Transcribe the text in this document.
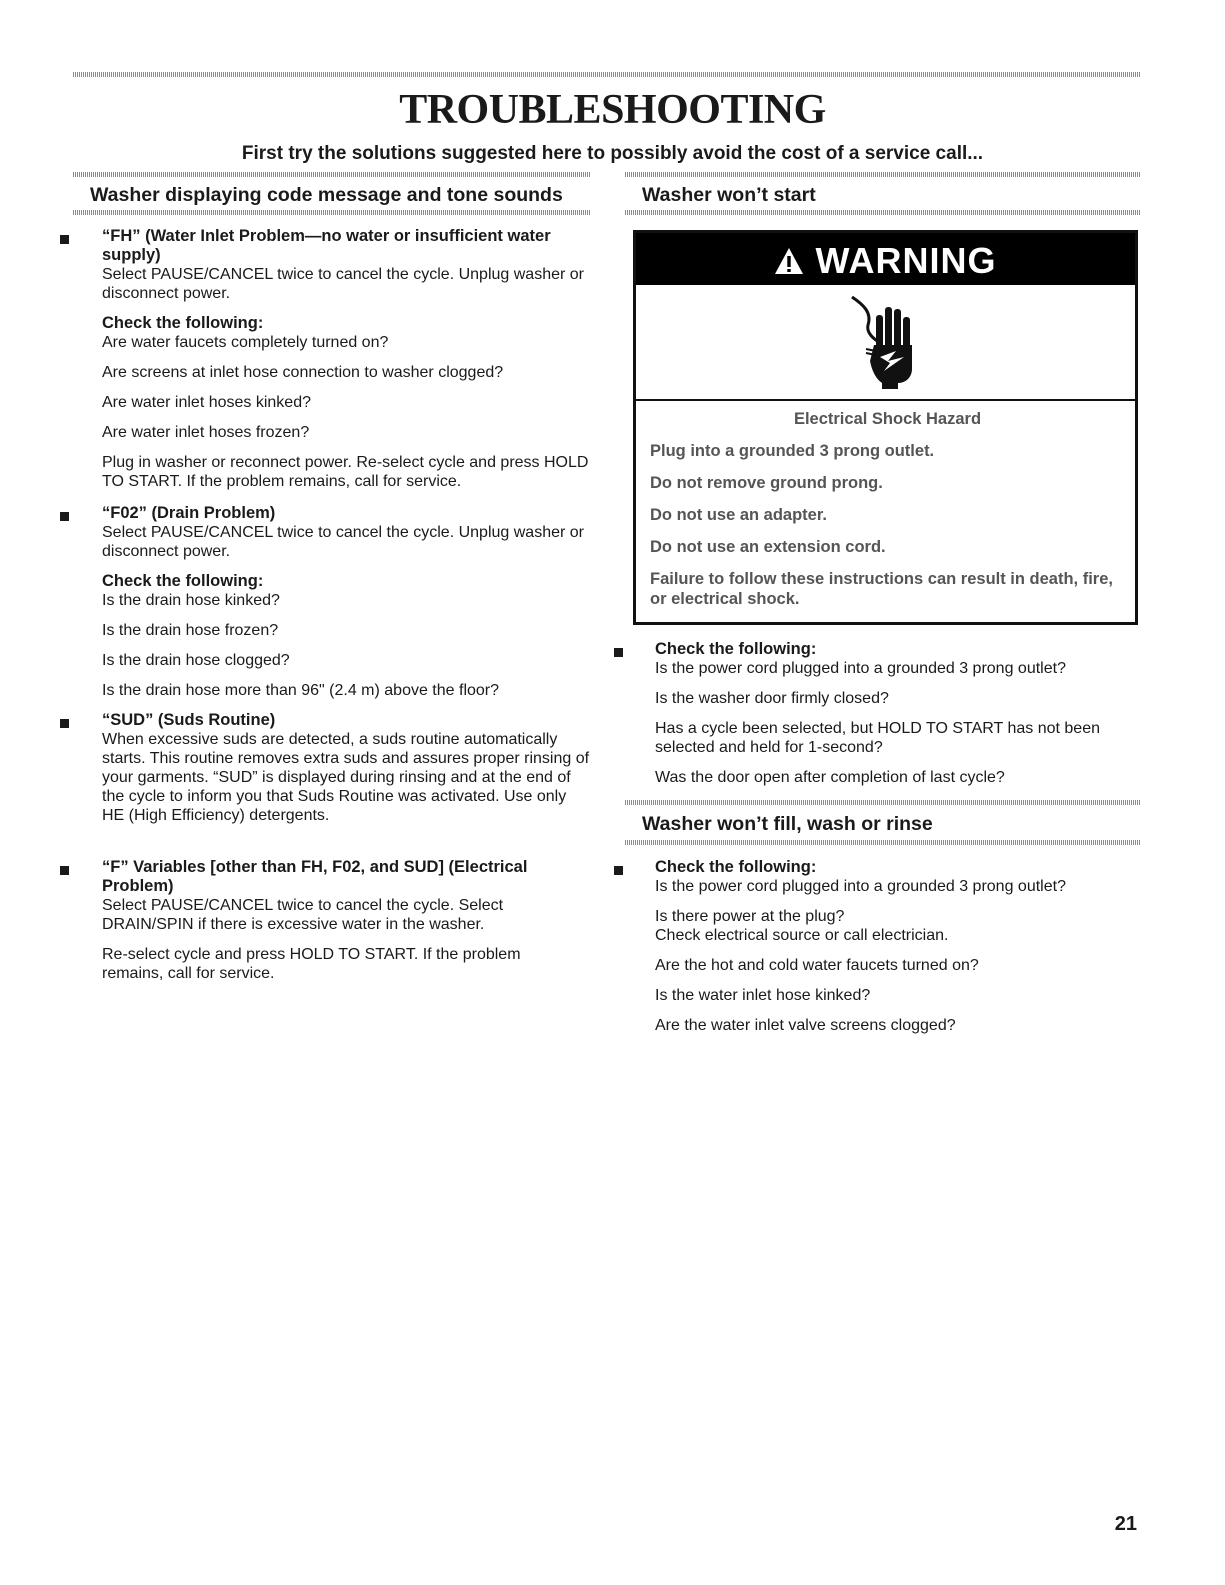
TROUBLESHOOTING
First try the solutions suggested here to possibly avoid the cost of a service call...
Washer displaying code message and tone sounds

“FH” (Water Inlet Problem—no water or insufficient water supply)

Select PAUSE/CANCEL twice to cancel the cycle. Unplug washer or disconnect power.

Check the following:

Are water faucets completely turned on?

Are screens at inlet hose connection to washer clogged?

Are water inlet hoses kinked?

Are water inlet hoses frozen?

Plug in washer or reconnect power. Re-select cycle and press HOLD TO START. If the problem remains, call for service.

“F02” (Drain Problem)

Select PAUSE/CANCEL twice to cancel the cycle. Unplug washer or disconnect power.

Check the following:

Is the drain hose kinked?

Is the drain hose frozen?

Is the drain hose clogged?

Is the drain hose more than 96" (2.4 m) above the floor?

“SUD” (Suds Routine)

When excessive suds are detected, a suds routine automatically starts. This routine removes extra suds and assures proper rinsing of your garments. “SUD” is displayed during rinsing and at the end of the cycle to inform you that Suds Routine was activated. Use only HE (High Efficiency) detergents.

“F” Variables [other than FH, F02, and SUD] (Electrical Problem)

Select PAUSE/CANCEL twice to cancel the cycle. Select DRAIN/SPIN if there is excessive water in the washer.

Re-select cycle and press HOLD TO START. If the problem remains, call for service.

Washer won’t start
WARNING
Electrical Shock Hazard
Plug into a grounded 3 prong outlet.
Do not remove ground prong.
Do not use an adapter.
Do not use an extension cord.
Failure to follow these instructions can result in death, fire, or electrical shock.

Check the following:

Is the power cord plugged into a grounded 3 prong outlet?

Is the washer door firmly closed?

Has a cycle been selected, but HOLD TO START has not been selected and held for 1-second?

Was the door open after completion of last cycle?

Washer won’t fill, wash or rinse

Check the following:

Is the power cord plugged into a grounded 3 prong outlet?

Is there power at the plug?

Check electrical source or call electrician.

Are the hot and cold water faucets turned on?

Is the water inlet hose kinked?

Are the water inlet valve screens clogged?

21
